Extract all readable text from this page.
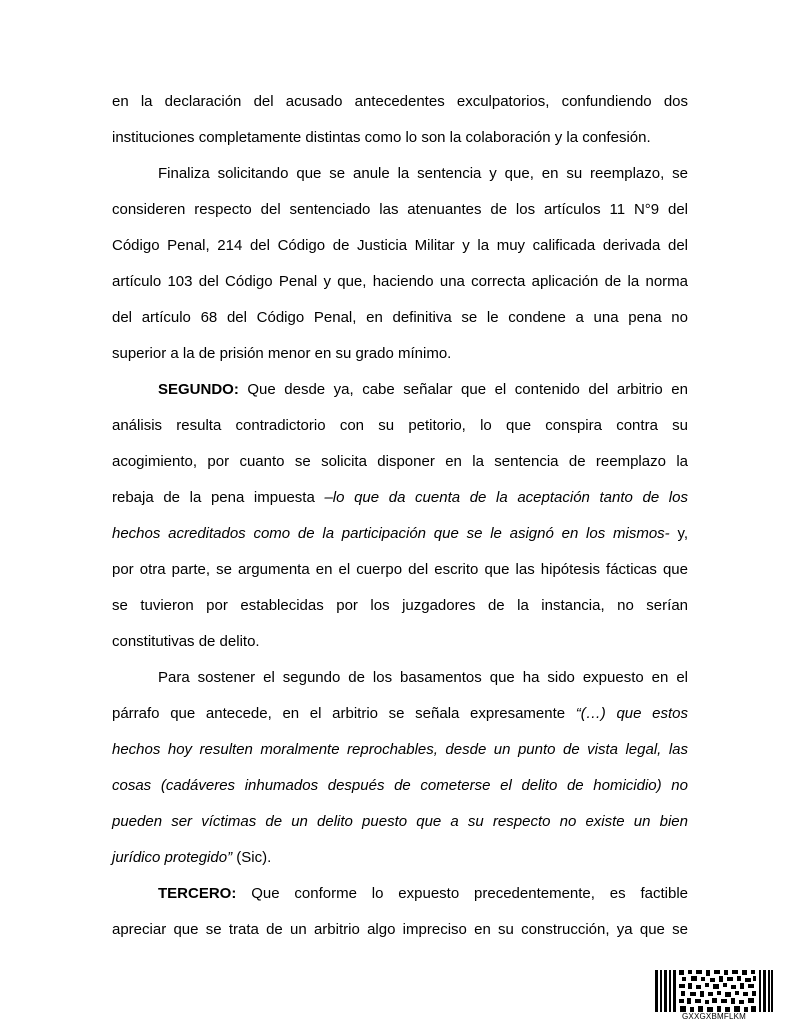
en la declaración del acusado antecedentes exculpatorios, confundiendo dos
instituciones completamente distintas como lo son la colaboración y la confesión.
Finaliza solicitando que se anule la sentencia y que, en su reemplazo, se
consideren respecto del sentenciado las atenuantes de los artículos 11 N°9 del
Código Penal, 214 del Código de Justicia Militar y la muy calificada derivada del
artículo 103 del Código Penal y que, haciendo una correcta aplicación de la norma
del artículo 68 del Código Penal, en definitiva se le condene a una pena no
superior a la de prisión menor en su grado mínimo.
SEGUNDO: Que desde ya, cabe señalar que el contenido del arbitrio en
análisis resulta contradictorio con su petitorio, lo que conspira contra su
acogimiento, por cuanto se solicita disponer en la sentencia de reemplazo la
rebaja de la pena impuesta –lo que da cuenta de la aceptación tanto de los
hechos acreditados como de la participación que se le asignó en los mismos- y,
por otra parte, se argumenta en el cuerpo del escrito que las hipótesis fácticas que
se tuvieron por establecidas por los juzgadores de la instancia, no serían
constitutivas de delito.
Para sostener el segundo de los basamentos que ha sido expuesto en el
párrafo que antecede, en el arbitrio se señala expresamente “(…) que estos
hechos hoy resulten moralmente reprochables, desde un punto de vista legal, las
cosas (cadáveres inhumados después de cometerse el delito de homicidio) no
pueden ser víctimas de un delito puesto que a su respecto no existe un bien
jurídico protegido” (Sic).
TERCERO: Que conforme lo expuesto precedentemente, es factible
apreciar que se trata de un arbitrio algo impreciso en su construcción, ya que se
GXXGXBMFLKM
